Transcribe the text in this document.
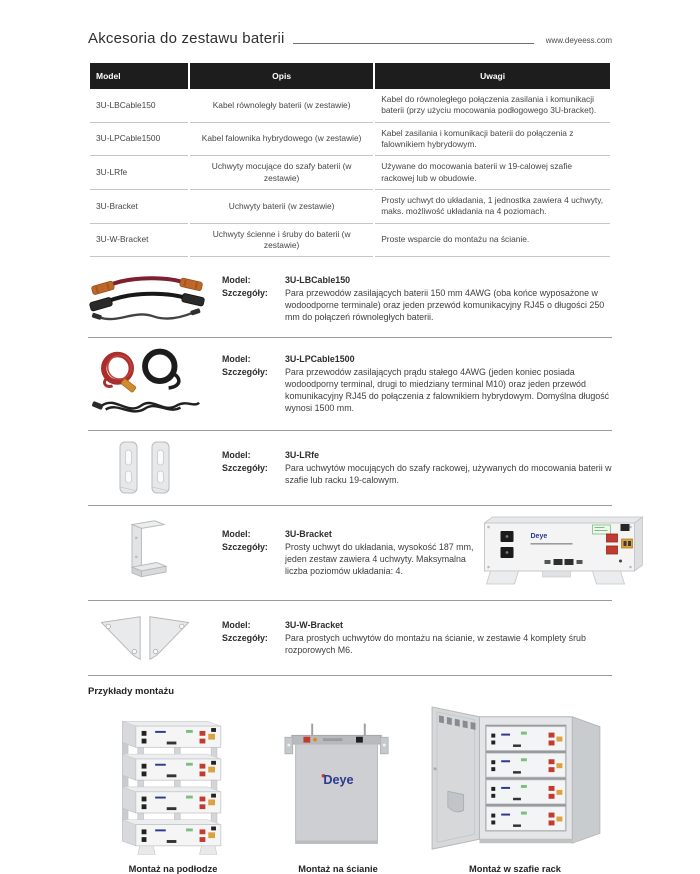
Akcesoria do zestawu baterii	www.deyeess.com
Model	Opis	Uwagi
3U-LBCable150	Kabel równoległy baterii (w zestawie)	Kabel do równoległego połączenia zasilania i komunikacji baterii (przy użyciu mocowania podłogowego 3U-bracket).
3U-LPCable1500	Kabel falownika hybrydowego (w zestawie)	Kabel zasilania i komunikacji baterii do połączenia z falownikiem hybrydowym.
3U-LRfe	Uchwyty mocujące do szafy baterii (w zestawie)	Używane do mocowania baterii w 19-calowej szafie rackowej lub w obudowie.
3U-Bracket	Uchwyty baterii (w zestawie)	Prosty uchwyt do układania, 1 jednostka zawiera 4 uchwyty, maks. możliwość układania na 4 poziomach.
3U-W-Bracket	Uchwyty ścienne i śruby do baterii (w zestawie)	Proste wsparcie do montażu na ścianie.
Model:	3U-LBCable150
Szczegóły:	Para przewodów zasilających baterii 150 mm 4AWG (oba końce wyposażone w wodoodporne terminale) oraz jeden przewód komunikacyjny RJ45 o długości 250 mm do połączeń równoległych baterii.
Model:	3U-LPCable1500
Szczegóły:	Para przewodów zasilających prądu stałego 4AWG (jeden koniec posiada wodoodporny terminal, drugi to miedziany terminal M10) oraz jeden przewód komunikacyjny RJ45 do połączenia z falownikiem hybrydowym. Domyślna długość wynosi 1500 mm.
Model:	3U-LRfe
Szczegóły:	Para uchwytów mocujących do szafy rackowej, używanych do mocowania baterii w szafie lub racku 19-calowym.
Model:	3U-Bracket
Szczegóły:	Prosty uchwyt do układania, wysokość 187 mm, jeden zestaw zawiera 4 uchwyty. Maksymalna liczba poziomów układania: 4.
Deye
Model:	3U-W-Bracket
Szczegóły:	Para prostych uchwytów do montażu na ścianie, w zestawie 4 komplety śrub rozporowych M6.
Przykłady montażu
Deye
Montaż na podłodze	Montaż na ścianie	Montaż w szafie rack
